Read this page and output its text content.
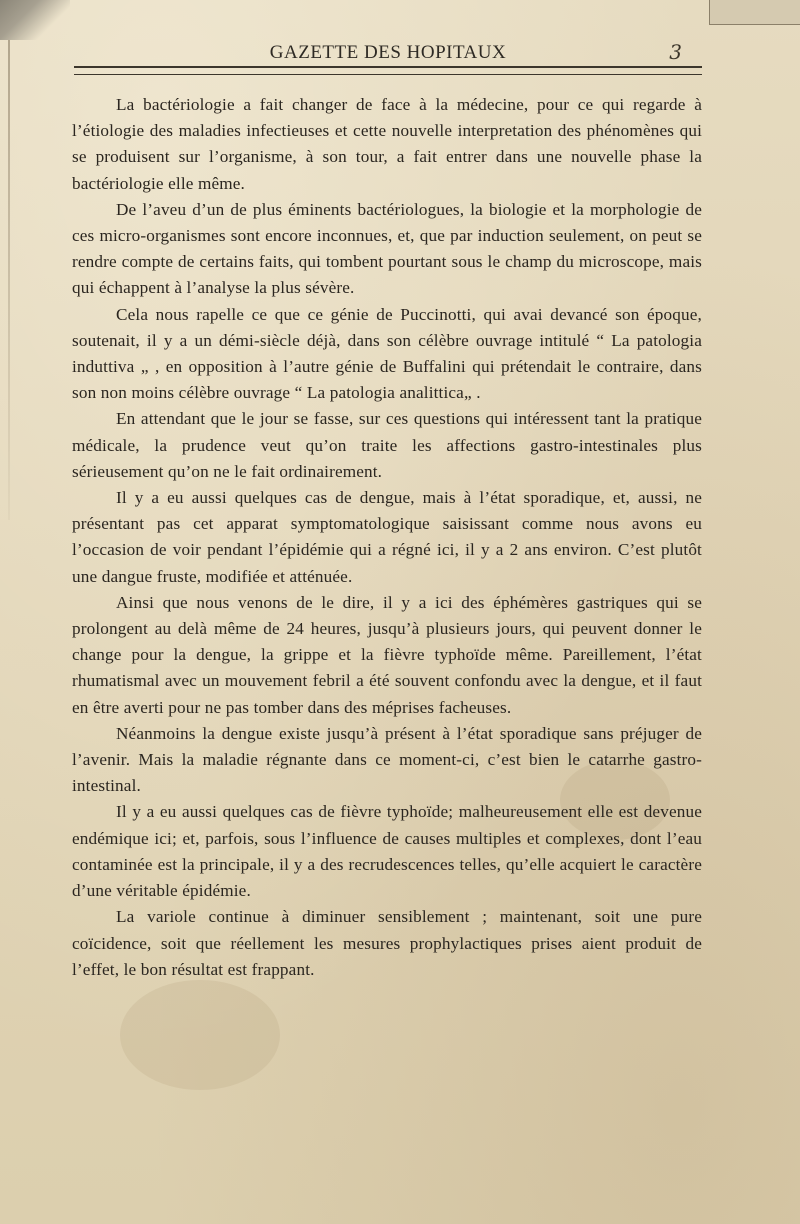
GAZETTE DES HOPITAUX	3

La bactériologie a fait changer de face à la médecine, pour ce qui regarde à l’étiologie des maladies infectieuses et cette nouvelle interpretation des phénomènes qui se produisent sur l’organisme, à son tour, a fait entrer dans une nouvelle phase la bactériologie elle même.

De l’aveu d’un de plus éminents bactériologues, la biologie et la morphologie de ces micro-organismes sont encore inconnues, et, que par induction seulement, on peut se rendre compte de certains faits, qui tombent pourtant sous le champ du microscope, mais qui échappent à l’analyse la plus sévère.

Cela nous rapelle ce que ce génie de Puccinotti, qui avai devancé son époque, soutenait, il y a un démi-siècle déjà, dans son célèbre ouvrage intitulé “ La patologia induttiva „ , en opposition à l’autre génie de Buffalini qui prétendait le contraire, dans son non moins célèbre ouvrage “ La patologia analittica„ .

En attendant que le jour se fasse, sur ces questions qui intéressent tant la pratique médicale, la prudence veut qu’on traite les affections gastro-intestinales plus sérieusement qu’on ne le fait ordinairement.

Il y a eu aussi quelques cas de dengue, mais à l’état sporadique, et, aussi, ne présentant pas cet apparat symptomatologique saisissant comme nous avons eu l’occasion de voir pendant l’épidémie qui a régné ici, il y a 2 ans environ. C’est plutôt une dangue fruste, modifiée et atténuée.

Ainsi que nous venons de le dire, il y a ici des éphémères gastriques qui se prolongent au delà même de 24 heures, jusqu’à plusieurs jours, qui peuvent donner le change pour la dengue, la grippe et la fièvre typhoïde même. Pareillement, l’état rhumatismal avec un mouvement febril a été souvent confondu avec la dengue, et il faut en être averti pour ne pas tomber dans des méprises facheuses.

Néanmoins la dengue existe jusqu’à présent à l’état sporadique sans préjuger de l’avenir. Mais la maladie régnante dans ce moment-ci, c’est bien le catarrhe gastro-intestinal.

Il y a eu aussi quelques cas de fièvre typhoïde; malheureusement elle est devenue endémique ici; et, parfois, sous l’influence de causes multiples et complexes, dont l’eau contaminée est la principale, il y a des recrudescences telles, qu’elle acquiert le caractère d’une véritable épidémie.

La variole continue à diminuer sensiblement ; maintenant, soit une pure coïcidence, soit que réellement les mesures prophylactiques prises aient produit de l’effet, le bon résultat est frappant.
